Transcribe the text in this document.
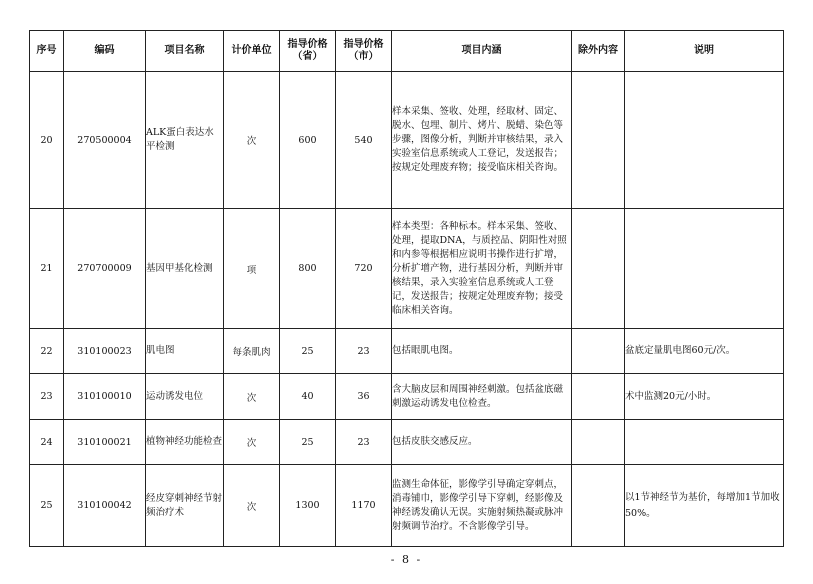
序号	编码	项目名称	计价单位	指导价格（省）	指导价格（市）	项目内涵	除外内容	说明
20	270500004	ALK蛋白表达水平检测	次	600	540	样本采集、签收、处理，经取材、固定、脱水、包埋、制片、烤片、脱蜡、染色等步骤，图像分析，判断并审核结果，录入实验室信息系统或人工登记，发送报告；按规定处理废弃物；接受临床相关咨询。		
21	270700009	基因甲基化检测	项	800	720	样本类型：各种标本。样本采集、签收、处理，提取DNA，与质控品、阴阳性对照和内参等根据相应说明书操作进行扩增，分析扩增产物，进行基因分析，判断并审核结果，录入实验室信息系统或人工登记，发送报告；按规定处理废弃物；接受临床相关咨询。		
22	310100023	肌电图	每条肌肉	25	23	包括眼肌电图。		盆底定量肌电图60元/次。
23	310100010	运动诱发电位	次	40	36	含大脑皮层和周围神经刺激。包括盆底磁刺激运动诱发电位检查。		术中监测20元/小时。
24	310100021	植物神经功能检查	次	25	23	包括皮肤交感反应。		
25	310100042	经皮穿刺神经节射频治疗术	次	1300	1170	监测生命体征，影像学引导确定穿刺点，消毒铺巾，影像学引导下穿刺，经影像及神经诱发确认无误。实施射频热凝或脉冲射频调节治疗。不含影像学引导。		以1节神经节为基价，每增加1节加收50%。
- 8 -
